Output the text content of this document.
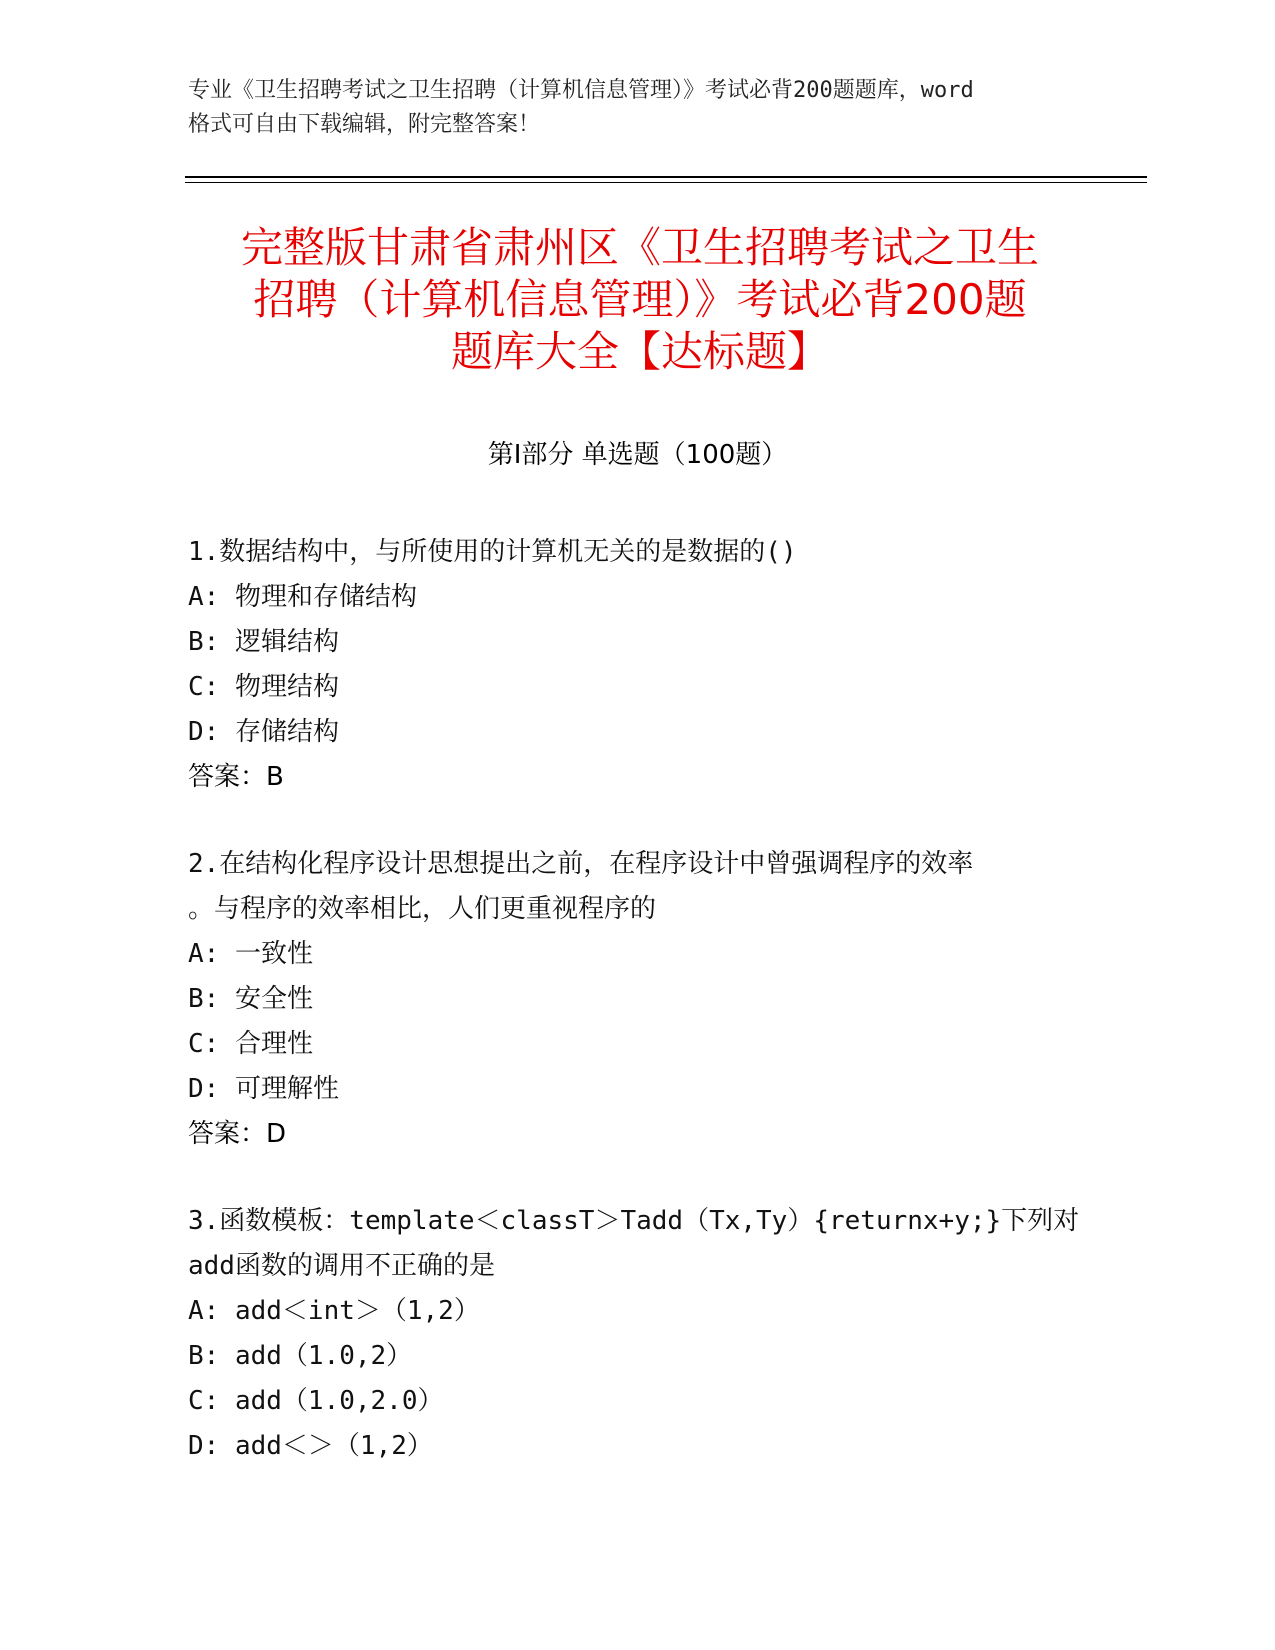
专业《卫生招聘考试之卫生招聘（计算机信息管理）》考试必背200题题库，word
格式可自由下载编辑，附完整答案！
完整版甘肃省肃州区《卫生招聘考试之卫生
招聘（计算机信息管理）》考试必背200题
题库大全【达标题】
第Ⅰ部分 单选题（100题）
1.数据结构中，与所使用的计算机无关的是数据的()
A: 物理和存储结构
B: 逻辑结构
C: 物理结构
D: 存储结构
答案：B
2.在结构化程序设计思想提出之前，在程序设计中曾强调程序的效率
。与程序的效率相比，人们更重视程序的
A: 一致性
B: 安全性
C: 合理性
D: 可理解性
答案：D
3.函数模板：template＜classT＞Tadd（Tx,Ty）{returnx+y;}下列对
add函数的调用不正确的是
A: add＜int＞（1,2）
B: add（1.0,2）
C: add（1.0,2.0）
D: add＜＞（1,2）
